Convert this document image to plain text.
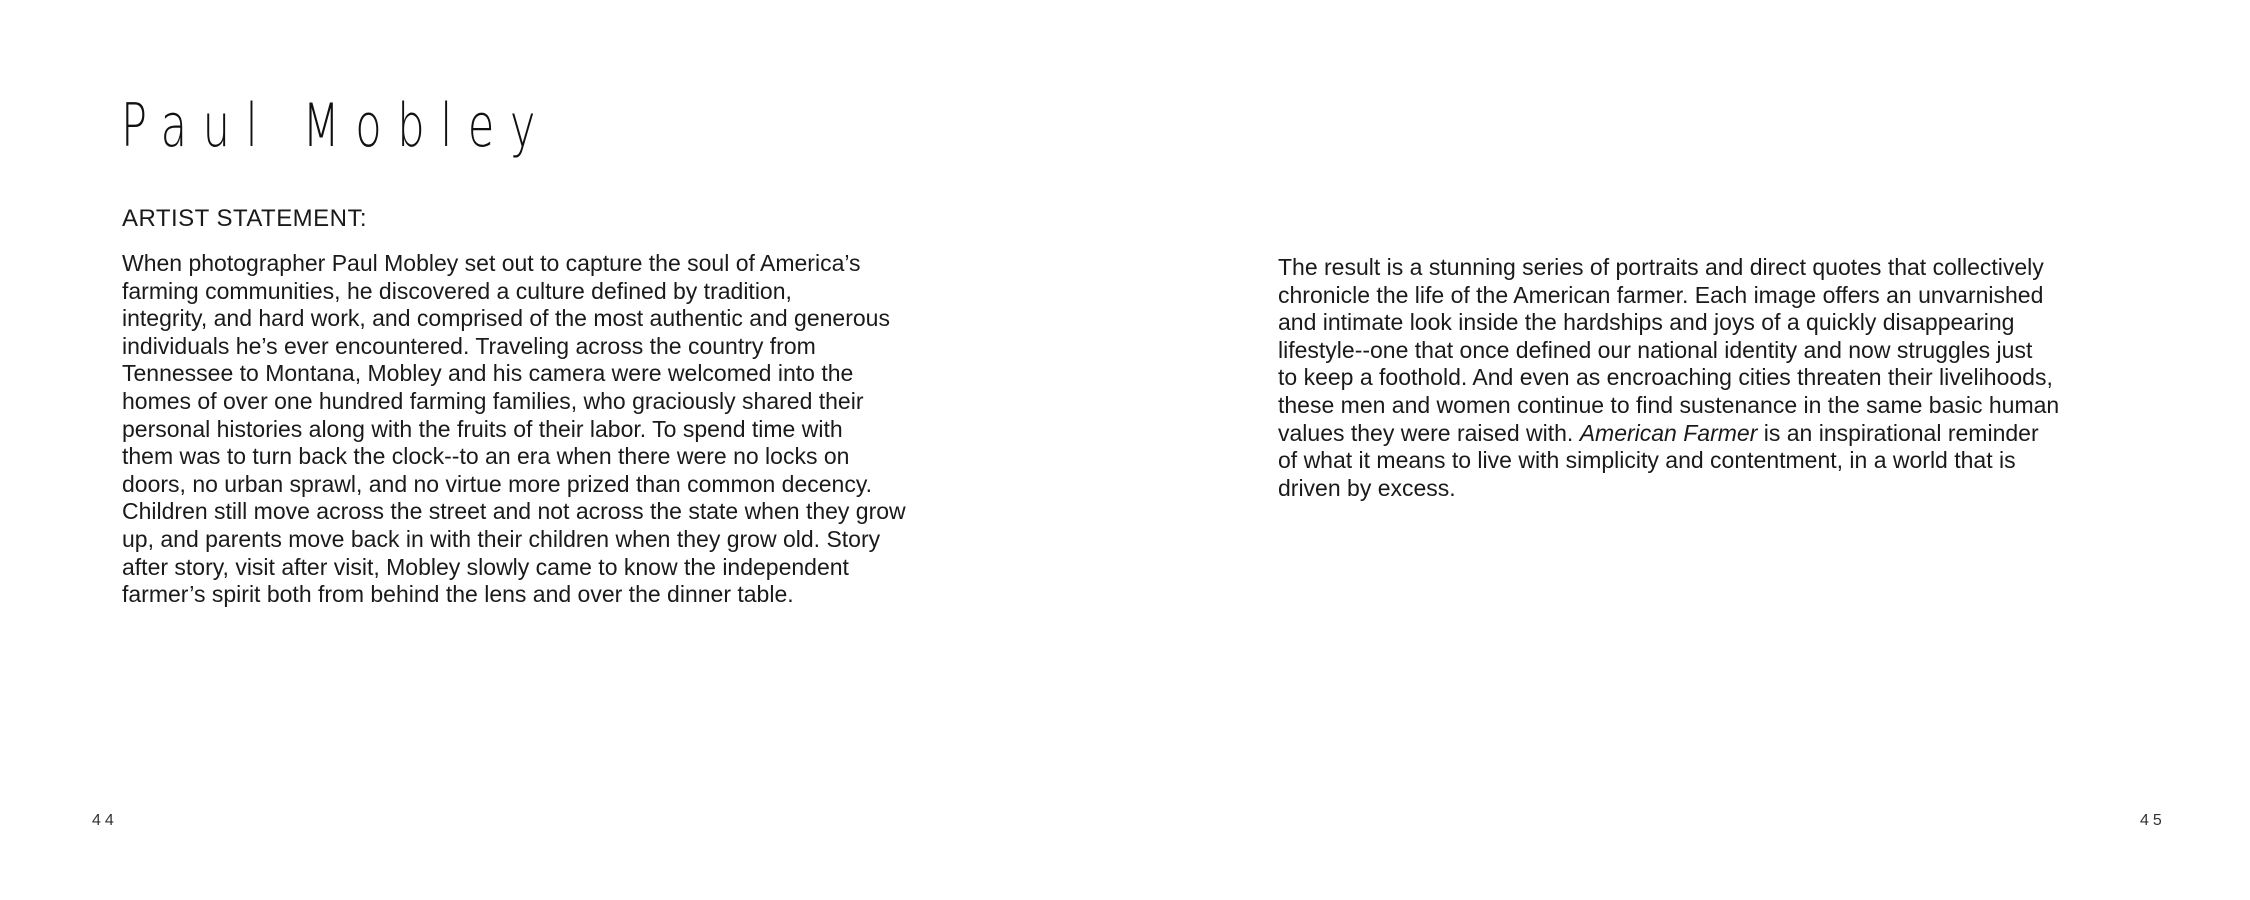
Paul Mobley
ARTIST STATEMENT:

When photographer Paul Mobley set out to capture the soul of America’s
farming communities, he discovered a culture defined by tradition,
integrity, and hard work, and comprised of the most authentic and generous
individuals he’s ever encountered. Traveling across the country from
Tennessee to Montana, Mobley and his camera were welcomed into the
homes of over one hundred farming families, who graciously shared their
personal histories along with the fruits of their labor. To spend time with
them was to turn back the clock--to an era when there were no locks on
doors, no urban sprawl, and no virtue more prized than common decency.
Children still move across the street and not across the state when they grow
up, and parents move back in with their children when they grow old. Story
after story, visit after visit, Mobley slowly came to know the independent
farmer’s spirit both from behind the lens and over the dinner table.

The result is a stunning series of portraits and direct quotes that collectively
chronicle the life of the American farmer. Each image offers an unvarnished
and intimate look inside the hardships and joys of a quickly disappearing
lifestyle--one that once defined our national identity and now struggles just
to keep a foothold. And even as encroaching cities threaten their livelihoods,
these men and women continue to find sustenance in the same basic human
values they were raised with. American Farmer is an inspirational reminder
of what it means to live with simplicity and contentment, in a world that is
driven by excess.

44	45
